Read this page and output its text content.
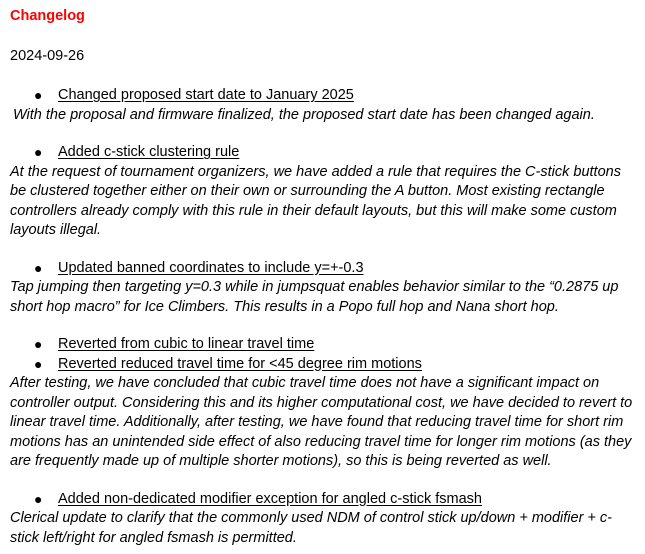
Changelog
2024-09-26
● Changed proposed start date to January 2025

With the proposal and firmware finalized, the proposed start date has been changed again.

● Added c-stick clustering rule

At the request of tournament organizers, we have added a rule that requires the C-stick buttons be clustered together either on their own or surrounding the A button. Most existing rectangle controllers already comply with this rule in their default layouts, but this will make some custom layouts illegal.

● Updated banned coordinates to include y=+-0.3

Tap jumping then targeting y=0.3 while in jumpsquat enables behavior similar to the “0.2875 up short hop macro” for Ice Climbers. This results in a Popo full hop and Nana short hop.

● Reverted from cubic to linear travel time
● Reverted reduced travel time for <45 degree rim motions

After testing, we have concluded that cubic travel time does not have a significant impact on controller output. Considering this and its higher computational cost, we have decided to revert to linear travel time. Additionally, after testing, we have found that reducing travel time for short rim motions has an unintended side effect of also reducing travel time for longer rim motions (as they are frequently made up of multiple shorter motions), so this is being reverted as well.

● Added non-dedicated modifier exception for angled c-stick fsmash

Clerical update to clarify that the commonly used NDM of control stick up/down + modifier + c-stick left/right for angled fsmash is permitted.
